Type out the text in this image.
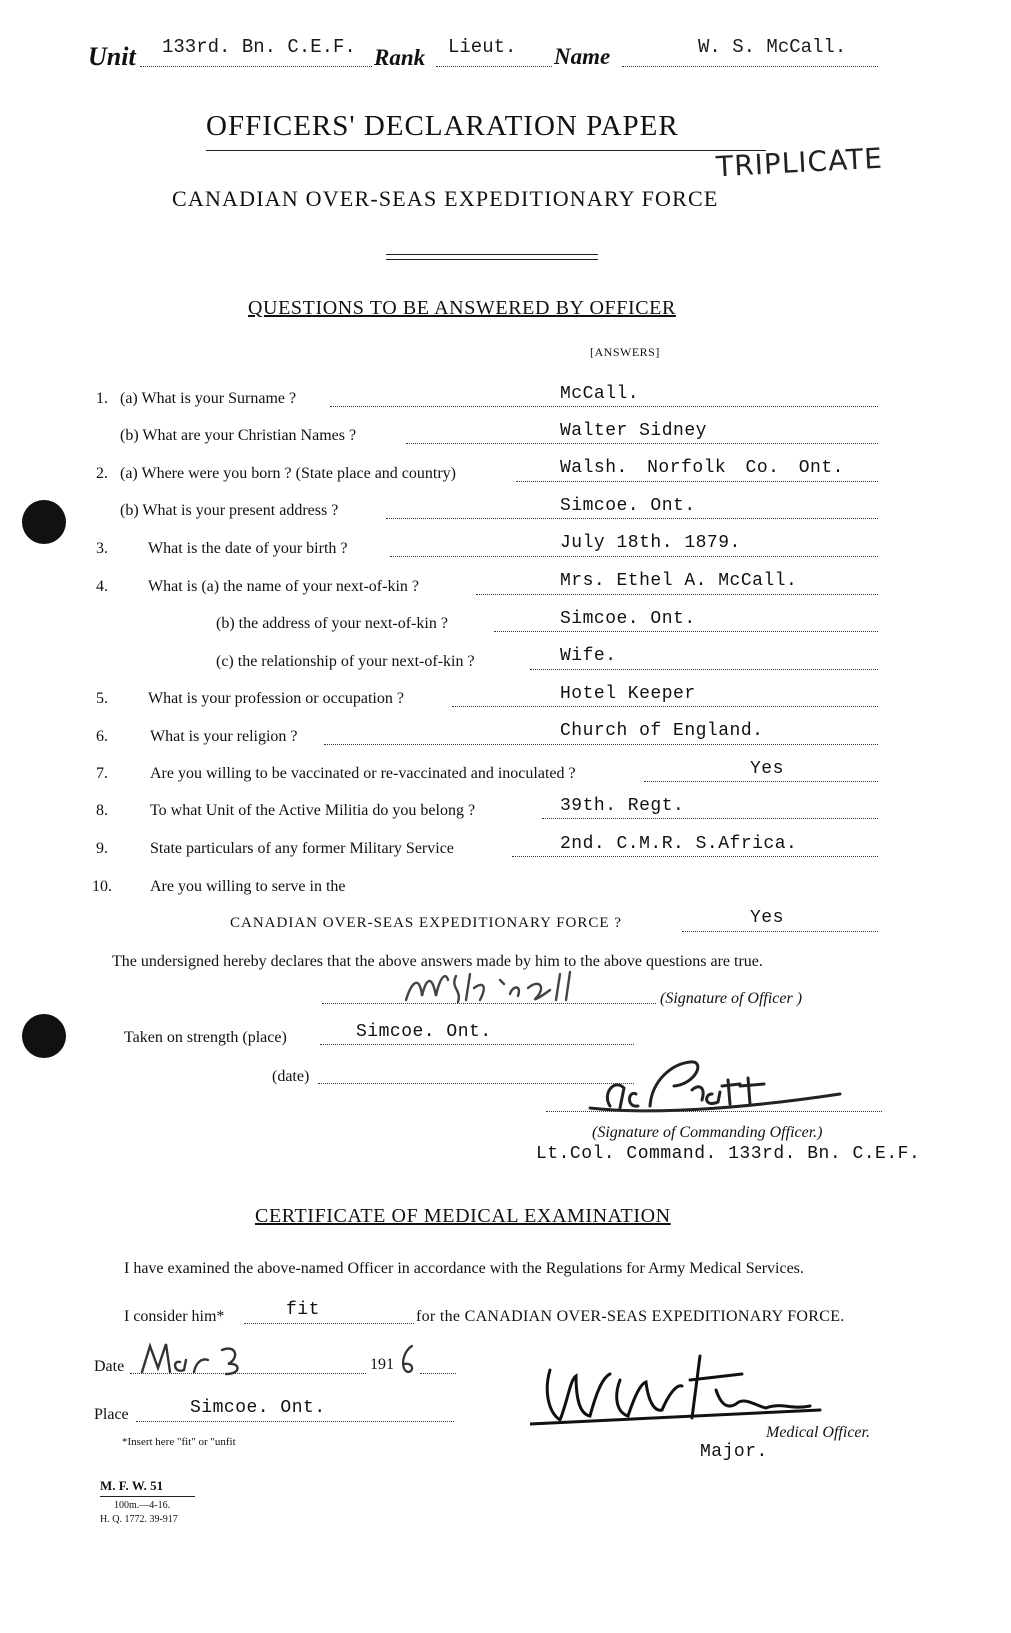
Unit 133rd. Bn. C.E.F. Rank Lieut. Name	W. S. McCall.
OFFICERS' DECLARATION PAPER
TRIPLICATE
CANADIAN OVER-SEAS EXPEDITIONARY FORCE
QUESTIONS TO BE ANSWERED BY OFFICER
[ANSWERS]
1. (a) What is your Surname ?	McCall.
(b) What are your Christian Names ?	Walter Sidney
2. (a) Where were you born ? (State place and country)	Walsh. Norfolk Co. Ont.
(b) What is your present address ?	Simcoe. Ont.
3.	What is the date of your birth ?	July 18th. 1879.
4.	What is (a) the name of your next-of-kin ?	Mrs. Ethel A. McCall.
(b) the address of your next-of-kin ?	Simcoe. Ont.
(c) the relationship of your next-of-kin ?	Wife.
5.	What is your profession or occupation ?	Hotel Keeper
6.	What is your religion ?	Church of England.
7.	Are you willing to be vaccinated or re-vaccinated and inoculated ?	Yes
8.	To what Unit of the Active Militia do you belong ?	39th. Regt.
9.	State particulars of any former Military Service	2nd. C.M.R. S.Africa.
10. Are you willing to serve in the
CANADIAN OVER-SEAS EXPEDITIONARY FORCE ?	Yes
The undersigned hereby declares that the above answers made by him to the above questions are true.
(Signature of Officer )
Taken on strength (place)	Simcoe. Ont.
(date)
(Signature of Commanding Officer.)
Lt.Col. Command. 133rd. Bn. C.E.F.
CERTIFICATE OF MEDICAL EXAMINATION
I have examined the above-named Officer in accordance with the Regulations for Army Medical Services.
I consider him*	fit	for the CANADIAN OVER-SEAS EXPEDITIONARY FORCE.
Date	191
Place	Simcoe. Ont.
*Insert here "fit" or "unfit
Medical Officer.
Major.
M. F. W. 51
100m.—4-16.
H. Q. 1772. 39-917
